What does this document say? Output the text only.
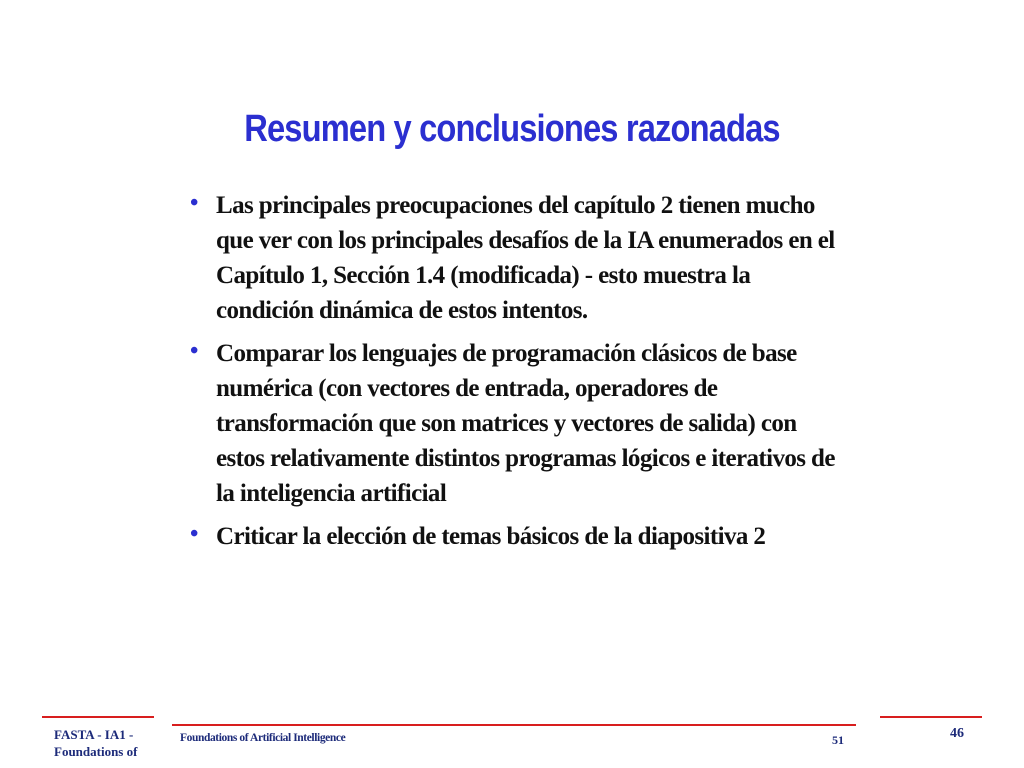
Resumen y conclusiones razonadas
• Las principales preocupaciones del capítulo 2 tienen mucho que ver con los principales desafíos de la IA enumerados en el Capítulo 1, Sección 1.4 (modificada) - esto muestra la condición dinámica de estos intentos.
• Comparar los lenguajes de programación clásicos de base numérica (con vectores de entrada, operadores de transformación que son matrices y vectores de salida) con estos relativamente distintos programas lógicos e iterativos de la inteligencia artificial
• Criticar la elección de temas básicos de la diapositiva 2
FASTA - IA1 -
Foundations of
Foundations of Artificial Intelligence	51	46
